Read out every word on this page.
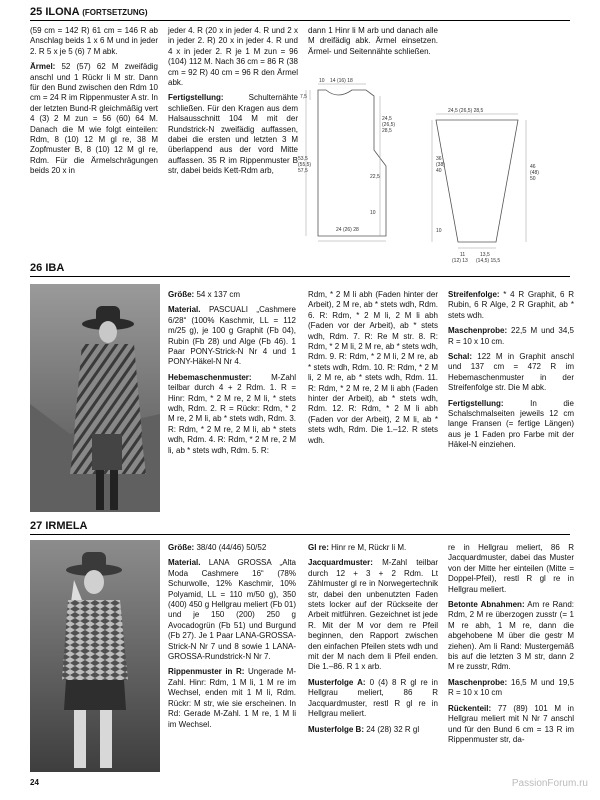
25 ILONA (FORTSETZUNG)

(59 cm = 142 R) 61 cm = 146 R ab Anschlag beids 1 x 6 M und in jeder 2. R 5 x je 5 (6) 7 M abk.

Ärmel: 52 (57) 62 M zweifädig anschl und 1 Rückr li M str. Dann für den Bund zwischen den Rdm 10 cm = 24 R im Rippenmuster A str. In der letzten Bund-R gleichmäßig vert 4 (3) 2 M zun = 56 (60) 64 M. Danach die M wie folgt einteilen: Rdm, 8 (10) 12 M gl re, 38 M Zopfmuster B, 8 (10) 12 M gl re, Rdm. Für die Ärmelschrägungen beids 20 x in

jeder 4. R (20 x in jeder 4. R und 2 x in jeder 2. R) 20 x in jeder 4. R und 4 x in jeder 2. R je 1 M zun = 96 (104) 112 M. Nach 36 cm = 86 R (38 cm = 92 R) 40 cm = 96 R den Ärmel abk.

Fertigstellung: Schulternähte schließen. Für den Kragen aus dem Halsausschnitt 104 M mit der Rundstrick-N zweifädig auffassen, dabei die ersten und letzten 3 M überlappend aus der vord Mitte auffassen. 35 R im Rippenmuster B str, dabei beids Kett-Rdm arb,

dann 1 Hinr li M arb und danach alle M dreifädig abk. Ärmel einsetzen. Ärmel- und Seitennähte schließen.

10 14 (16) 18
7,5
24,5
(26,5)
28,5
53,5
(55,5)
57,5
22,5
10
24 (26) 28
24,5 (26,5) 28,5
36
(38)
40
46
(48)
50
10
11
(12) 13
13,5
(14,5) 15,5
26 IBA

Größe: 54 x 137 cm

Material. PASCUALI „Cashmere 6/28“ (100% Kaschmir, LL = 112 m/25 g), je 100 g Graphit (Fb 04), Rubin (Fb 28) und Alge (Fb 46). 1 Paar PONY-Strick-N Nr 4 und 1 PONY-Häkel-N Nr 4.

Hebemaschenmuster: M-Zahl teilbar durch 4 + 2 Rdm. 1. R = Hinr: Rdm, * 2 M re, 2 M li, * stets wdh, Rdm. 2. R = Rückr: Rdm, * 2 M re, 2 M li, ab * stets wdh, Rdm. 3. R: Rdm, * 2 M re, 2 M li, ab * stets wdh, Rdm. 4. R: Rdm, * 2 M re, 2 M li, ab * stets wdh, Rdm. 5. R:

Rdm, * 2 M li abh (Faden hinter der Arbeit), 2 M re, ab * stets wdh, Rdm. 6. R: Rdm, * 2 M li, 2 M li abh (Faden vor der Arbeit), ab * stets wdh, Rdm. 7. R: Re M str. 8. R: Rdm, * 2 M li, 2 M re, ab * stets wdh, Rdm. 9. R: Rdm, * 2 M li, 2 M re, ab * stets wdh, Rdm. 10. R: Rdm, * 2 M li, 2 M re, ab * stets wdh, Rdm. 11. R: Rdm, * 2 M re, 2 M li abh (Faden hinter der Arbeit), ab * stets wdh, Rdm. 12. R: Rdm, * 2 M li abh (Faden vor der Arbeit), 2 M li, ab * stets wdh, Rdm. Die 1.–12. R stets wdh.

Streifenfolge: * 4 R Graphit, 6 R Rubin, 6 R Alge, 2 R Graphit, ab * stets wdh.

Maschenprobe: 22,5 M und 34,5 R = 10 x 10 cm.

Schal: 122 M in Graphit anschl und 137 cm = 472 R im Hebemaschenmuster in der Streifenfolge str. Die M abk.

Fertigstellung: In die Schalschmalseiten jeweils 12 cm lange Fransen (= fertige Längen) aus je 1 Faden pro Farbe mit der Häkel-N einziehen.

27 IRMELA

Größe: 38/40 (44/46) 50/52

Material. LANA GROSSA „Alta Moda Cashmere 16“ (78% Schurwolle, 12% Kaschmir, 10% Polyamid, LL = 110 m/50 g), 350 (400) 450 g Hellgrau meliert (Fb 01) und je 150 (200) 250 g Avocadogrün (Fb 51) und Burgund (Fb 27). Je 1 Paar LANA-GROSSA-Strick-N Nr 7 und 8 sowie 1 LANA-GROSSA-Rundstrick-N Nr 7.

Rippenmuster in R: Ungerade M-Zahl. Hinr: Rdm, 1 M li, 1 M re im Wechsel, enden mit 1 M li, Rdm. Rückr: M str, wie sie erscheinen. In Rd: Gerade M-Zahl. 1 M re, 1 M li im Wechsel.

Gl re: Hinr re M, Rückr li M.

Jacquardmuster: M-Zahl teilbar durch 12 + 3 + 2 Rdm. Lt Zählmuster gl re in Norwegertechnik str, dabei den unbenutzten Faden stets locker auf der Rückseite der Arbeit mitführen. Gezeichnet ist jede R. Mit der M vor dem re Pfeil beginnen, den Rapport zwischen den einfachen Pfeilen stets wdh und mit der M nach dem li Pfeil enden. Die 1.–86. R 1 x arb.

Musterfolge A: 0 (4) 8 R gl re in Hellgrau meliert, 86 R Jacquardmuster, restl R gl re in Hellgrau meliert.

Musterfolge B: 24 (28) 32 R gl

re in Hellgrau meliert, 86 R Jacquardmuster, dabei das Muster von der Mitte her einteilen (Mitte = Doppel-Pfeil), restl R gl re in Hellgrau meliert.

Betonte Abnahmen: Am re Rand: Rdm, 2 M re überzogen zusstr (= 1 M re abh, 1 M re, dann die abgehobene M über die gestr M ziehen). Am li Rand: Mustergemäß bis auf die letzten 3 M str, dann 2 M re zusstr, Rdm.

Maschenprobe: 16,5 M und 19,5 R = 10 x 10 cm

Rückenteil: 77 (89) 101 M in Hellgrau meliert mit N Nr 7 anschl und für den Bund 6 cm = 13 R im Rippenmuster str, da-

24	PassionForum.ru
